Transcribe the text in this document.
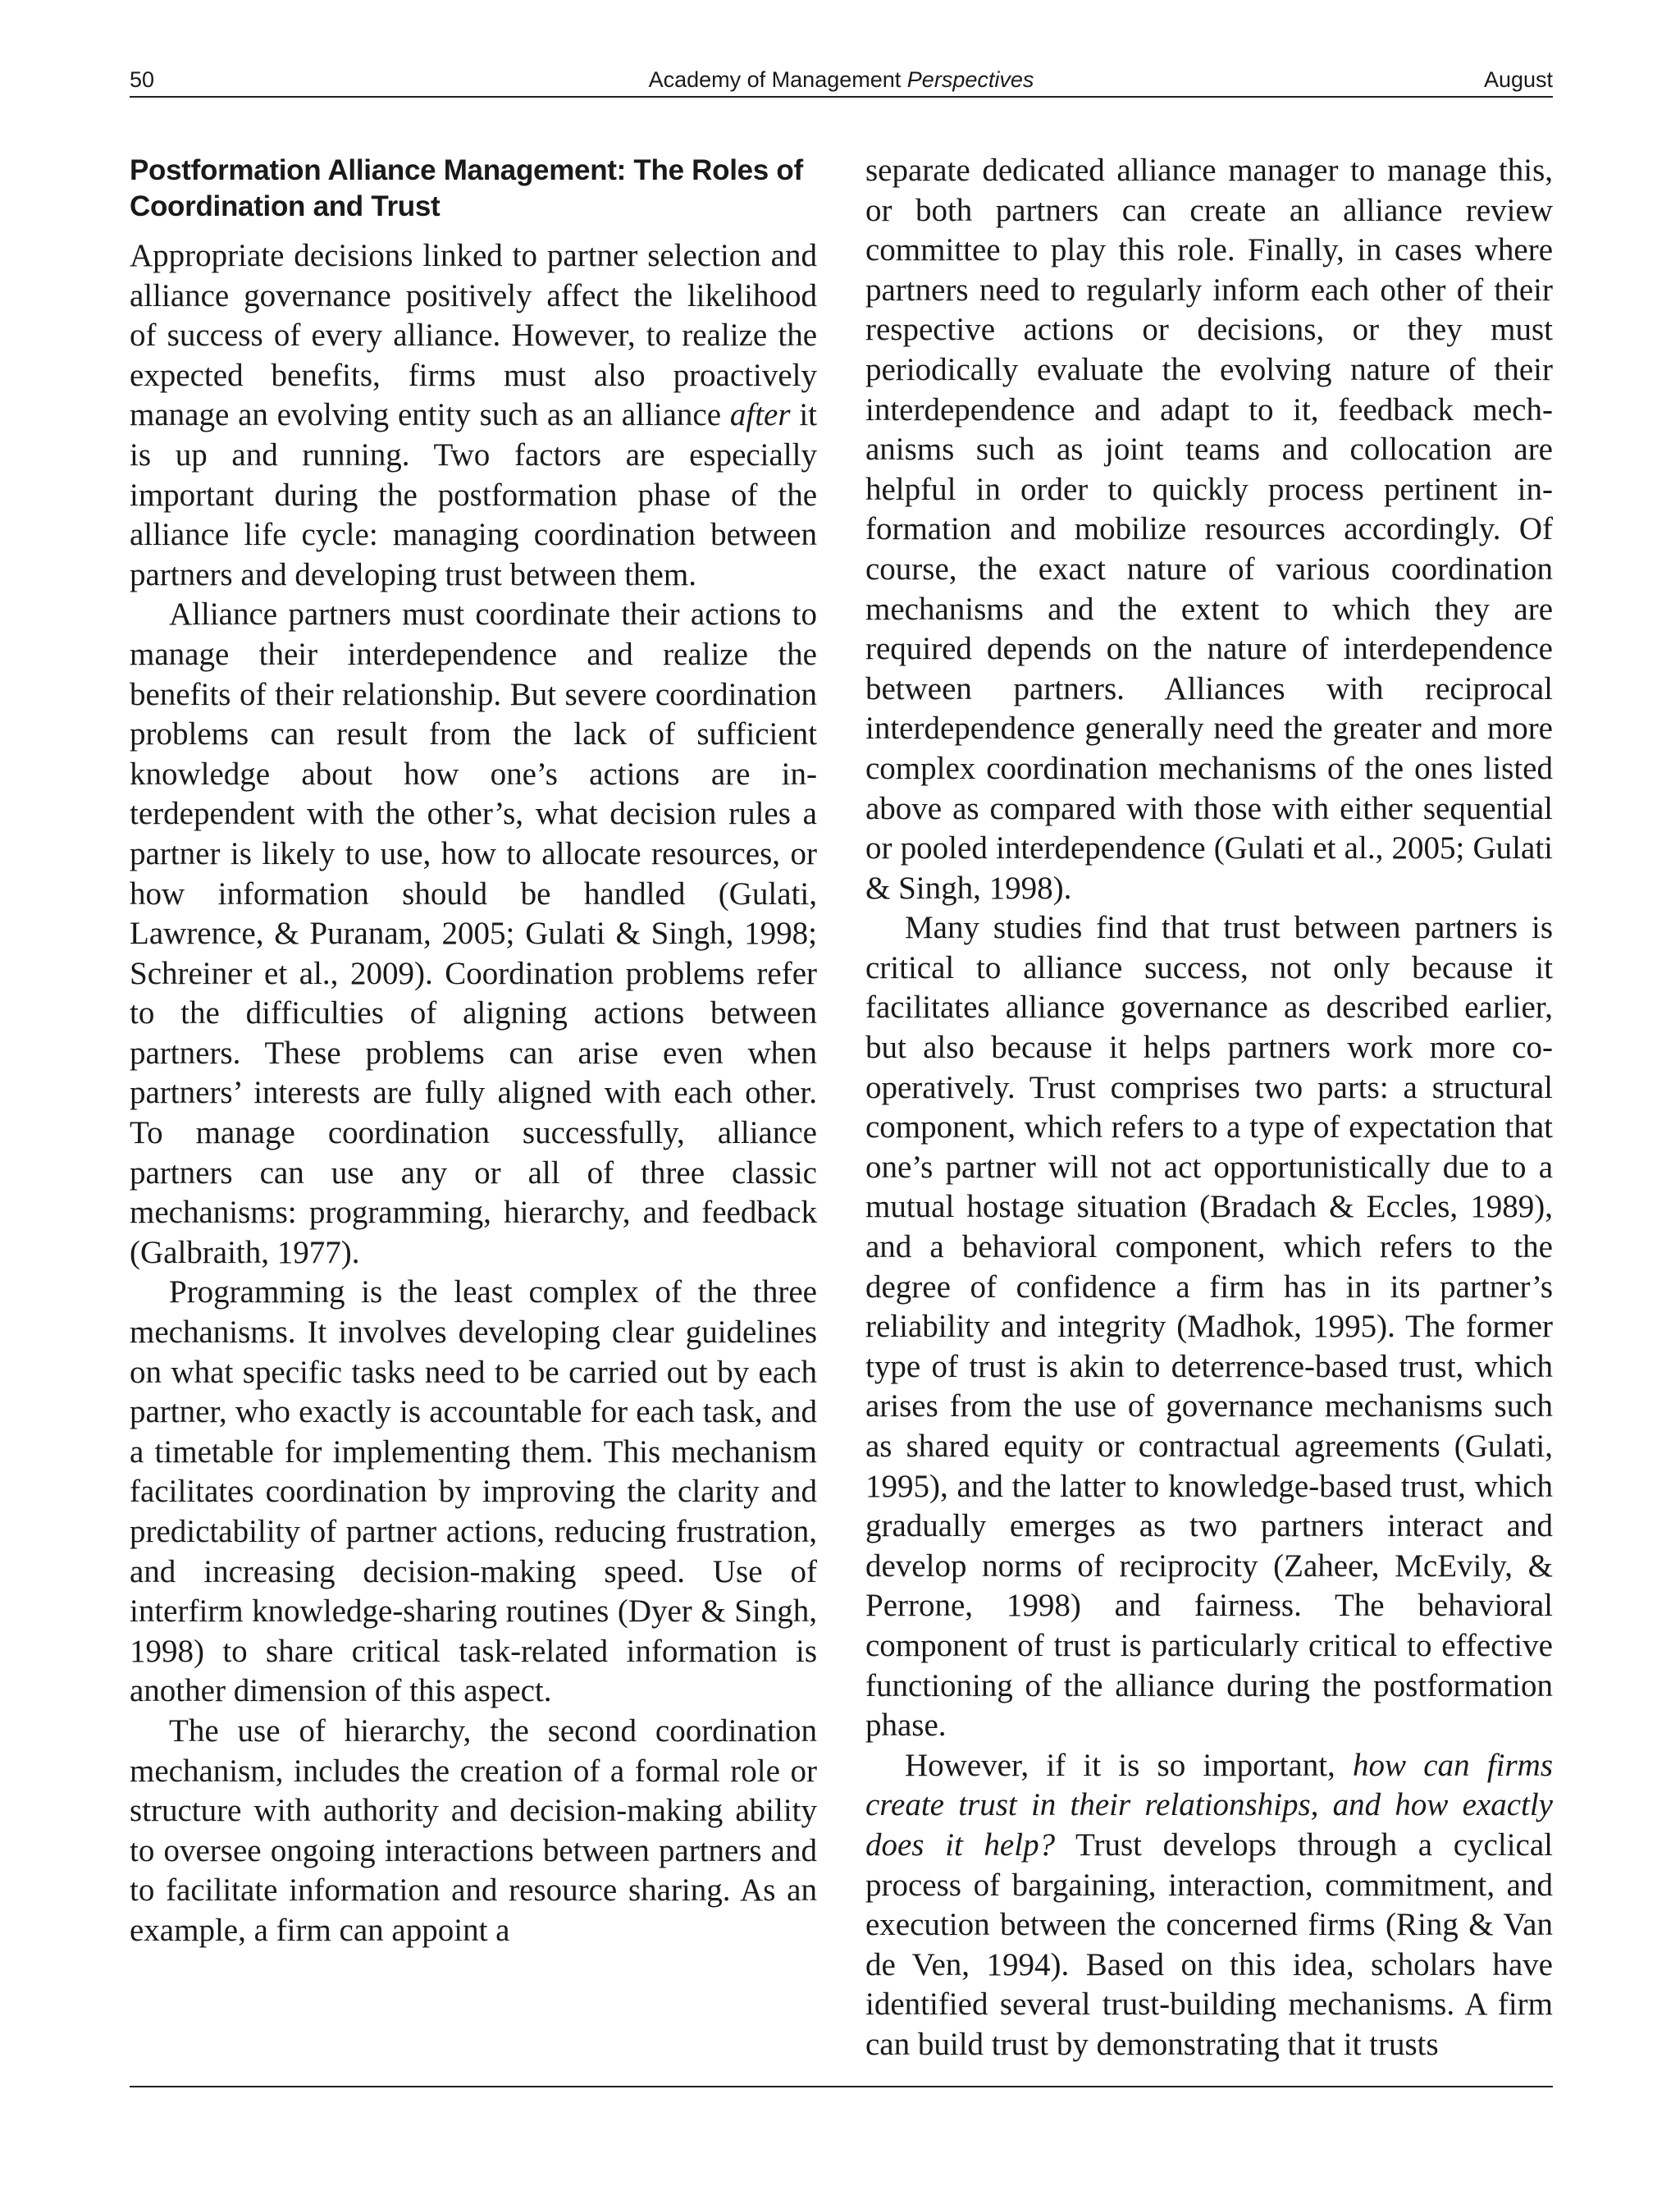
50	Academy of Management Perspectives	August
Postformation Alliance Management: The Roles of Coordination and Trust

Appropriate decisions linked to partner selection and alliance governance positively affect the likelihood of success of every alliance. However, to realize the expected benefits, firms must also proactively manage an evolving entity such as an alliance after it is up and running. Two factors are especially important during the postformation phase of the alliance life cycle: managing coordination between partners and developing trust between them.

Alliance partners must coordinate their actions to manage their interdependence and realize the benefits of their relationship. But severe coordination problems can result from the lack of sufficient knowledge about how one’s actions are interdependent with the other’s, what decision rules a partner is likely to use, how to allocate resources, or how information should be handled (Gulati, Lawrence, & Puranam, 2005; Gulati & Singh, 1998; Schreiner et al., 2009). Coordination problems refer to the difficulties of aligning actions between partners. These problems can arise even when partners’ interests are fully aligned with each other. To manage coordination successfully, alliance partners can use any or all of three classic mechanisms: programming, hierarchy, and feedback (Galbraith, 1977).

Programming is the least complex of the three mechanisms. It involves developing clear guidelines on what specific tasks need to be carried out by each partner, who exactly is accountable for each task, and a timetable for implementing them. This mechanism facilitates coordination by improving the clarity and predictability of partner actions, reducing frustration, and increasing decision-making speed. Use of interfirm knowledge-sharing routines (Dyer & Singh, 1998) to share critical task-related information is another dimension of this aspect.

The use of hierarchy, the second coordination mechanism, includes the creation of a formal role or structure with authority and decision-making ability to oversee ongoing interactions between partners and to facilitate information and resource sharing. As an example, a firm can appoint a

separate dedicated alliance manager to manage this, or both partners can create an alliance review committee to play this role. Finally, in cases where partners need to regularly inform each other of their respective actions or decisions, or they must periodically evaluate the evolving nature of their interdependence and adapt to it, feedback mechanisms such as joint teams and collocation are helpful in order to quickly process pertinent information and mobilize resources accordingly. Of course, the exact nature of various coordination mechanisms and the extent to which they are required depends on the nature of interdependence between partners. Alliances with reciprocal interdependence generally need the greater and more complex coordination mechanisms of the ones listed above as compared with those with either sequential or pooled interdependence (Gulati et al., 2005; Gulati & Singh, 1998).

Many studies find that trust between partners is critical to alliance success, not only because it facilitates alliance governance as described earlier, but also because it helps partners work more cooperatively. Trust comprises two parts: a structural component, which refers to a type of expectation that one’s partner will not act opportunistically due to a mutual hostage situation (Bradach & Eccles, 1989), and a behavioral component, which refers to the degree of confidence a firm has in its partner’s reliability and integrity (Madhok, 1995). The former type of trust is akin to deterrence-based trust, which arises from the use of governance mechanisms such as shared equity or contractual agreements (Gulati, 1995), and the latter to knowledge-based trust, which gradually emerges as two partners interact and develop norms of reciprocity (Zaheer, McEvily, & Perrone, 1998) and fairness. The behavioral component of trust is particularly critical to effective functioning of the alliance during the postformation phase.

However, if it is so important, how can firms create trust in their relationships, and how exactly does it help? Trust develops through a cyclical process of bargaining, interaction, commitment, and execution between the concerned firms (Ring & Van de Ven, 1994). Based on this idea, scholars have identified several trust-building mechanisms. A firm can build trust by demonstrating that it trusts
